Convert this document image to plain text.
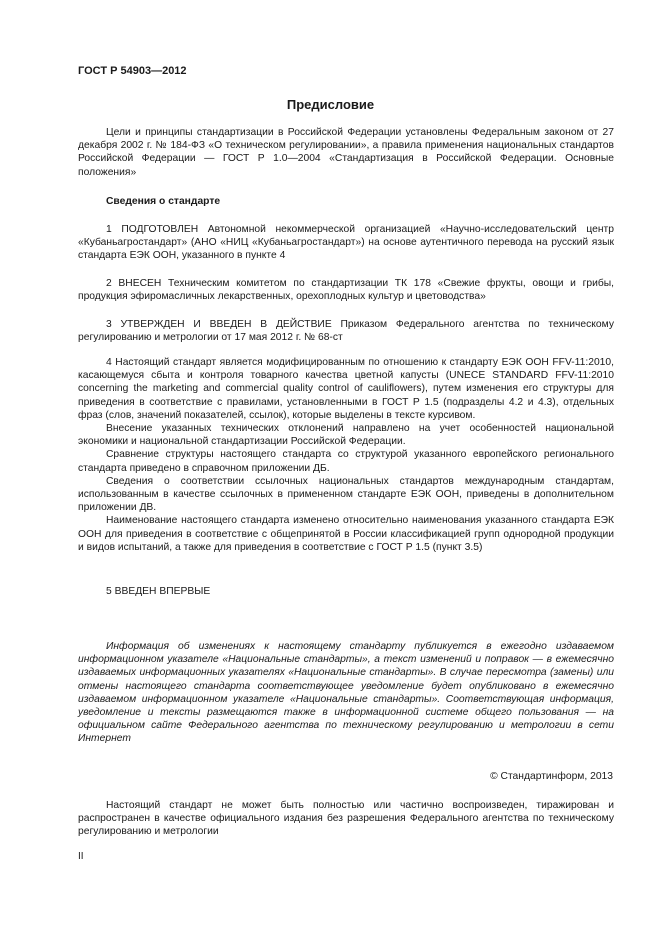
ГОСТ Р 54903—2012
Предисловие
Цели и принципы стандартизации в Российской Федерации установлены Федеральным законом от 27 декабря 2002 г. № 184-ФЗ «О техническом регулировании», а правила применения национальных стандартов Российской Федерации — ГОСТ Р 1.0—2004 «Стандартизация в Российской Федерации. Основные положения»
Сведения о стандарте
1 ПОДГОТОВЛЕН Автономной некоммерческой организацией «Научно-исследовательский центр «Кубаньагростандарт» (АНО «НИЦ «Кубаньагростандарт») на основе аутентичного перевода на русский язык стандарта ЕЭК ООН, указанного в пункте 4
2 ВНЕСЕН Техническим комитетом по стандартизации ТК 178 «Свежие фрукты, овощи и грибы, продукция эфиромасличных лекарственных, орехоплодных культур и цветоводства»
3 УТВЕРЖДЕН И ВВЕДЕН В ДЕЙСТВИЕ Приказом Федерального агентства по техническому регулированию и метрологии от 17 мая 2012 г. № 68-ст
4 Настоящий стандарт является модифицированным по отношению к стандарту ЕЭК ООН FFV-11:2010, касающемуся сбыта и контроля товарного качества цветной капусты (UNECE STANDARD FFV-11:2010 concerning the marketing and commercial quality control of cauliflowers), путем изменения его структуры для приведения в соответствие с правилами, установленными в ГОСТ Р 1.5 (подразделы 4.2 и 4.3), отдельных фраз (слов, значений показателей, ссылок), которые выделены в тексте курсивом.
Внесение указанных технических отклонений направлено на учет особенностей национальной экономики и национальной стандартизации Российской Федерации.
Сравнение структуры настоящего стандарта со структурой указанного европейского регионального стандарта приведено в справочном приложении ДБ.
Сведения о соответствии ссылочных национальных стандартов международным стандартам, использованным в качестве ссылочных в примененном стандарте ЕЭК ООН, приведены в дополнительном приложении ДВ.
Наименование настоящего стандарта изменено относительно наименования указанного стандарта ЕЭК ООН для приведения в соответствие с общепринятой в России классификацией групп однородной продукции и видов испытаний, а также для приведения в соответствие с ГОСТ Р 1.5 (пункт 3.5)
5 ВВЕДЕН ВПЕРВЫЕ
Информация об изменениях к настоящему стандарту публикуется в ежегодно издаваемом информационном указателе «Национальные стандарты», а текст изменений и поправок — в ежемесячно издаваемых информационных указателях «Национальные стандарты». В случае пересмотра (замены) или отмены настоящего стандарта соответствующее уведомление будет опубликовано в ежемесячно издаваемом информационном указателе «Национальные стандарты». Соответствующая информация, уведомление и тексты размещаются также в информационной системе общего пользования — на официальном сайте Федерального агентства по техническому регулированию и метрологии в сети Интернет
© Стандартинформ, 2013
Настоящий стандарт не может быть полностью или частично воспроизведен, тиражирован и распространен в качестве официального издания без разрешения Федерального агентства по техническому регулированию и метрологии
II
